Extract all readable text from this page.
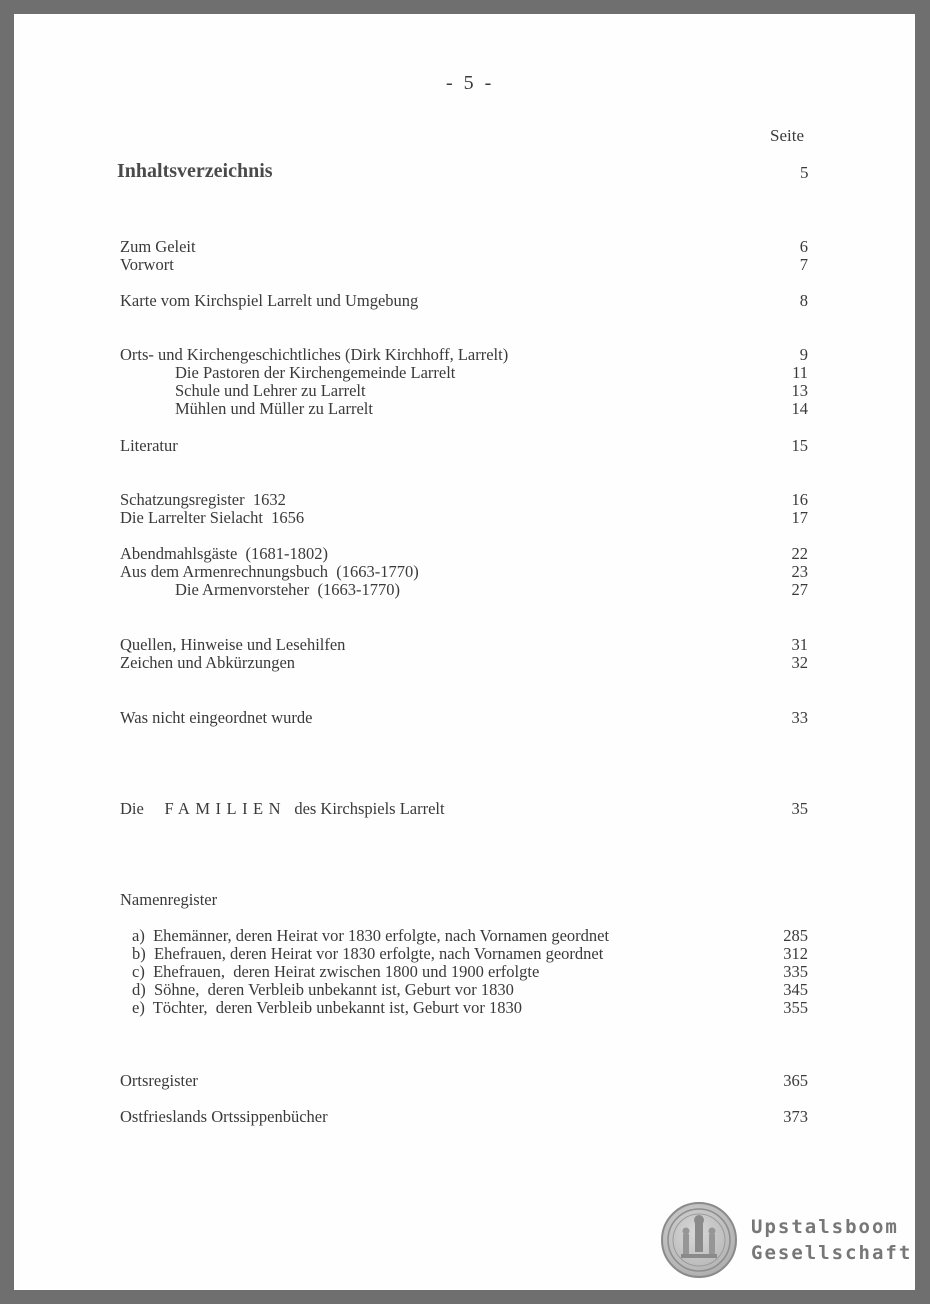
- 5 -
Seite
Inhaltsverzeichnis	5
Zum Geleit	6
Vorwort	7
Karte vom Kirchspiel Larrelt und Umgebung	8
Orts- und Kirchengeschichtliches (Dirk Kirchhoff, Larrelt)	9
Die Pastoren der Kirchengemeinde Larrelt	11
Schule und Lehrer zu Larrelt	13
Mühlen und Müller zu Larrelt	14
Literatur	15
Schatzungsregister  1632	16
Die Larrelter Sielacht  1656	17
Abendmahlsgäste  (1681-1802)	22
Aus dem Armenrechnungsbuch  (1663-1770)	23
Die Armenvorsteher  (1663-1770)	27
Quellen, Hinweise und Lesehilfen	31
Zeichen und Abkürzungen	32
Was nicht eingeordnet wurde	33
Die FAMILIEN des Kirchspiels Larrelt	35
Namenregister
a)  Ehemänner, deren Heirat vor 1830 erfolgte, nach Vornamen geordnet	285
b)  Ehefrauen, deren Heirat vor 1830 erfolgte, nach Vornamen geordnet	312
c)  Ehefrauen,  deren Heirat zwischen 1800 und 1900 erfolgte	335
d)  Söhne,  deren Verbleib unbekannt ist, Geburt vor 1830	345
e)  Töchter,  deren Verbleib unbekannt ist, Geburt vor 1830	355
Ortsregister	365
Ostfrieslands Ortssippenbücher	373
Upstalsboom
Gesellschaft
